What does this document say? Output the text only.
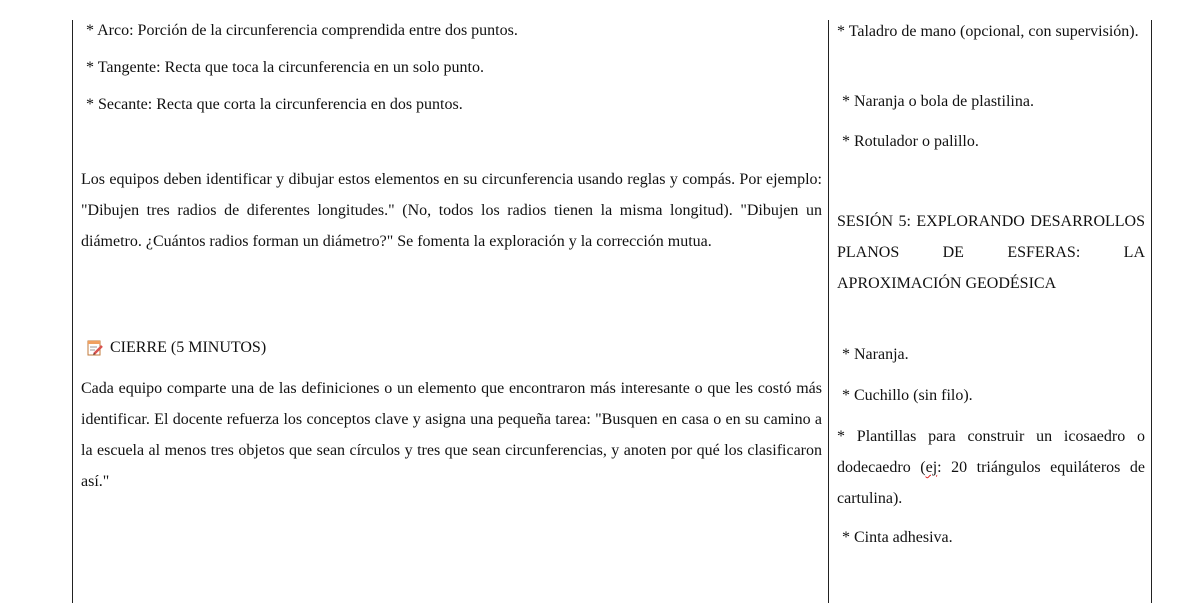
* Arco: Porción de la circunferencia comprendida entre dos puntos.
* Tangente: Recta que toca la circunferencia en un solo punto.
* Secante: Recta que corta la circunferencia en dos puntos.

Los equipos deben identificar y dibujar estos elementos en su circunferencia usando reglas y compás. Por ejemplo: "Dibujen tres radios de diferentes longitudes." (No, todos los radios tienen la misma longitud). "Dibujen un diámetro. ¿Cuántos radios forman un diámetro?" Se fomenta la exploración y la corrección mutua.

CIERRE (5 MINUTOS)

Cada equipo comparte una de las definiciones o un elemento que encontraron más interesante o que les costó más identificar. El docente refuerza los conceptos clave y asigna una pequeña tarea: "Busquen en casa o en su camino a la escuela al menos tres objetos que sean círculos y tres que sean circunferencias, y anoten por qué los clasificaron así."

* Taladro de mano (opcional, con supervisión).

* Naranja o bola de plastilina.
* Rotulador o palillo.

SESIÓN 5: EXPLORANDO DESARROLLOS PLANOS DE ESFERAS: LA APROXIMACIÓN GEODÉSICA

* Naranja.
* Cuchillo (sin filo).

* Plantillas para construir un icosaedro o dodecaedro (ej: 20 triángulos equiláteros de cartulina).

* Cinta adhesiva.
